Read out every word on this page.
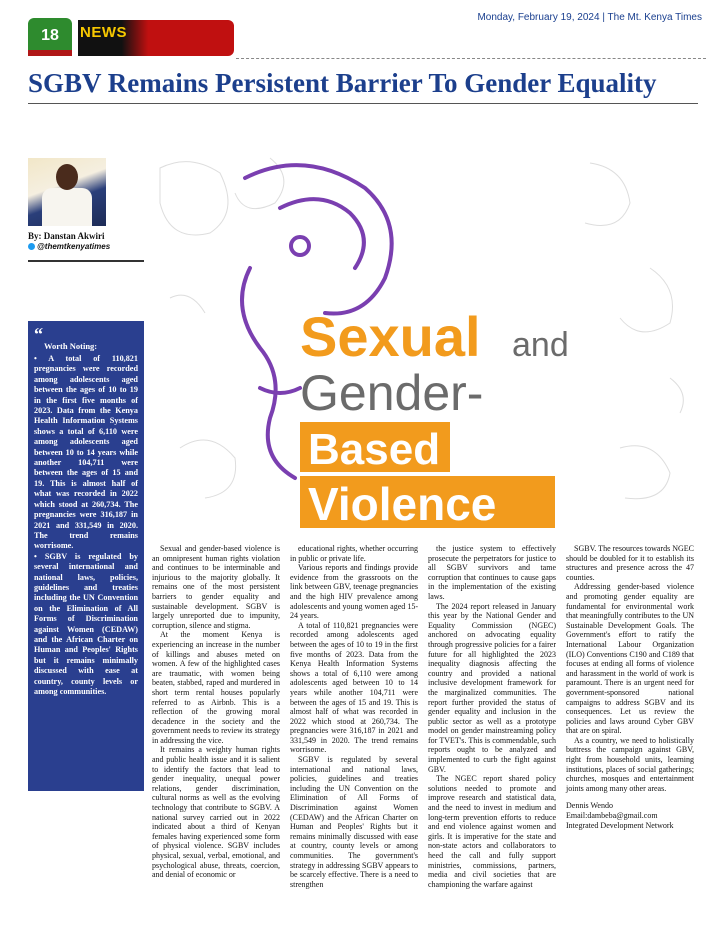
Monday, February 19, 2024 | The Mt. Kenya Times
18	NEWS
SGBV Remains Persistent Barrier To Gender Equality
By: Danstan Akwiri
@themtkenyatimes
Sexual and
Gender-
Based
Violence
“
Worth Noting:

• A total of 110,821 pregnancies were recorded among adolescents aged between the ages of 10 to 19 in the first five months of 2023. Data from the Kenya Health Information Systems shows a total of 6,110 were among adolescents aged between 10 to 14 years while another 104,711 were between the ages of 15 and 19. This is almost half of what was recorded in 2022 which stood at 260,734. The pregnancies were 316,187 in 2021 and 331,549 in 2020. The trend remains worrisome.

• SGBV is regulated by several international and national laws, policies, guidelines and treaties including the UN Convention on the Elimination of All Forms of Discrimination against Women (CEDAW) and the African Charter on Human and Peoples' Rights but it remains minimally discussed with ease at country, county levels or among communities.

Sexual and gender-based violence is an omnipresent human rights violation and continues to be interminable and injurious to the majority globally. It remains one of the most persistent barriers to gender equality and sustainable development. SGBV is largely unreported due to impunity, corruption, silence and stigma.

At the moment Kenya is experiencing an increase in the number of killings and abuses meted on women. A few of the highlighted cases are traumatic, with women being beaten, stabbed, raped and murdered in short term rental houses popularly referred to as Airbnb. This is a reflection of the growing moral decadence in the society and the government needs to review its strategy in addressing the vice.

It remains a weighty human rights and public health issue and it is salient to identify the factors that lead to gender inequality, unequal power relations, gender discrimination, cultural norms as well as the evolving technology that contribute to SGBV. A national survey carried out in 2022 indicated about a third of Kenyan females having experienced some form of physical violence. SGBV includes physical, sexual, verbal, emotional, and psychological abuse, threats, coercion, and denial of economic or

educational rights, whether occurring in public or private life.

Various reports and findings provide evidence from the grassroots on the link between GBV, teenage pregnancies and the high HIV prevalence among adolescents and young women aged 15-24 years.

A total of 110,821 pregnancies were recorded among adolescents aged between the ages of 10 to 19 in the first five months of 2023. Data from the Kenya Health Information Systems shows a total of 6,110 were among adolescents aged between 10 to 14 years while another 104,711 were between the ages of 15 and 19. This is almost half of what was recorded in 2022 which stood at 260,734. The pregnancies were 316,187 in 2021 and 331,549 in 2020. The trend remains worrisome.

SGBV is regulated by several international and national laws, policies, guidelines and treaties including the UN Convention on the Elimination of All Forms of Discrimination against Women (CEDAW) and the African Charter on Human and Peoples' Rights but it remains minimally discussed with ease at country, county levels or among communities. The government's strategy in addressing SGBV appears to be scarcely effective. There is a need to strengthen

the justice system to effectively prosecute the perpetrators for justice to all SGBV survivors and tame corruption that continues to cause gaps in the implementation of the existing laws.

The 2024 report released in January this year by the National Gender and Equality Commission (NGEC) anchored on advocating equality through progressive policies for a fairer future for all highlighted the 2023 inequality diagnosis affecting the country and provided a national inclusive development framework for the marginalized communities. The report further provided the status of gender equality and inclusion in the public sector as well as a prototype model on gender mainstreaming policy for TVET's. This is commendable, such reports ought to be analyzed and implemented to curb the fight against GBV.

The NGEC report shared policy solutions needed to promote and improve research and statistical data, and the need to invest in medium and long-term prevention efforts to reduce and end violence against women and girls. It is imperative for the state and non-state actors and collaborators to heed the call and fully support ministries, commissions, partners, media and civil societies that are championing the warfare against

SGBV. The resources towards NGEC should be doubled for it to establish its structures and presence across the 47 counties.

Addressing gender-based violence and promoting gender equality are fundamental for environmental work that meaningfully contributes to the UN Sustainable Development Goals. The Government's effort to ratify the International Labour Organization (ILO) Conventions C190 and C189 that focuses at ending all forms of violence and harassment in the world of work is paramount. There is an urgent need for government-sponsored national campaigns to address SGBV and its consequences. Let us review the policies and laws around Cyber GBV that are on spiral.

As a country, we need to holistically buttress the campaign against GBV, right from household units, learning institutions, places of social gatherings; churches, mosques and entertainment joints among many other areas.

Dennis Wendo

Email:dambeba@gmail.com

Integrated Development Network
